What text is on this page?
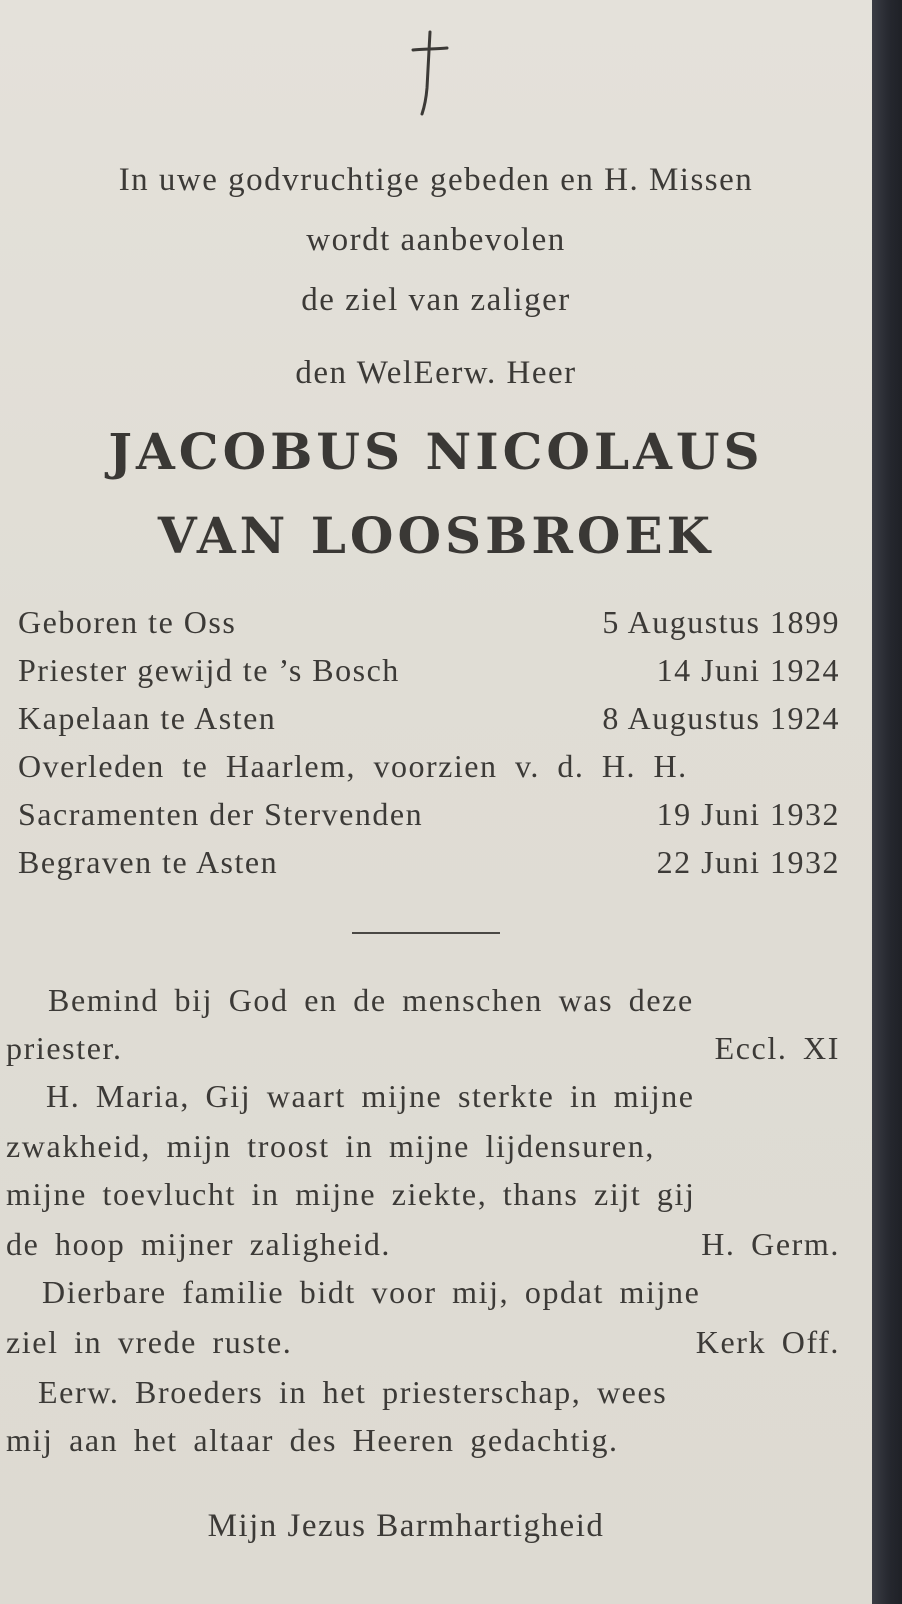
In uwe godvruchtige gebeden en H. Missen
wordt aanbevolen
de ziel van zaliger
den WelEerw. Heer
JACOBUS NICOLAUS
VAN LOOSBROEK
Geboren te Oss	5 Augustus 1899
Priester gewijd te ’s Bosch	14 Juni 1924
Kapelaan te Asten	8 Augustus 1924
Overleden te Haarlem, voorzien v. d. H. H.
Sacramenten der Stervenden	19 Juni 1932
Begraven te Asten	22 Juni 1932
Bemind bij God en de menschen was deze
priester.	Eccl. XI
H. Maria, Gij waart mijne sterkte in mijne
zwakheid, mijn troost in mijne lijdensuren,
mijne toevlucht in mijne ziekte, thans zijt gij
de hoop mijner zaligheid.	H. Germ.
Dierbare familie bidt voor mij, opdat mijne
ziel in vrede ruste.	Kerk Off.
Eerw. Broeders in het priesterschap, wees
mij aan het altaar des Heeren gedachtig.
Mijn Jezus Barmhartigheid
